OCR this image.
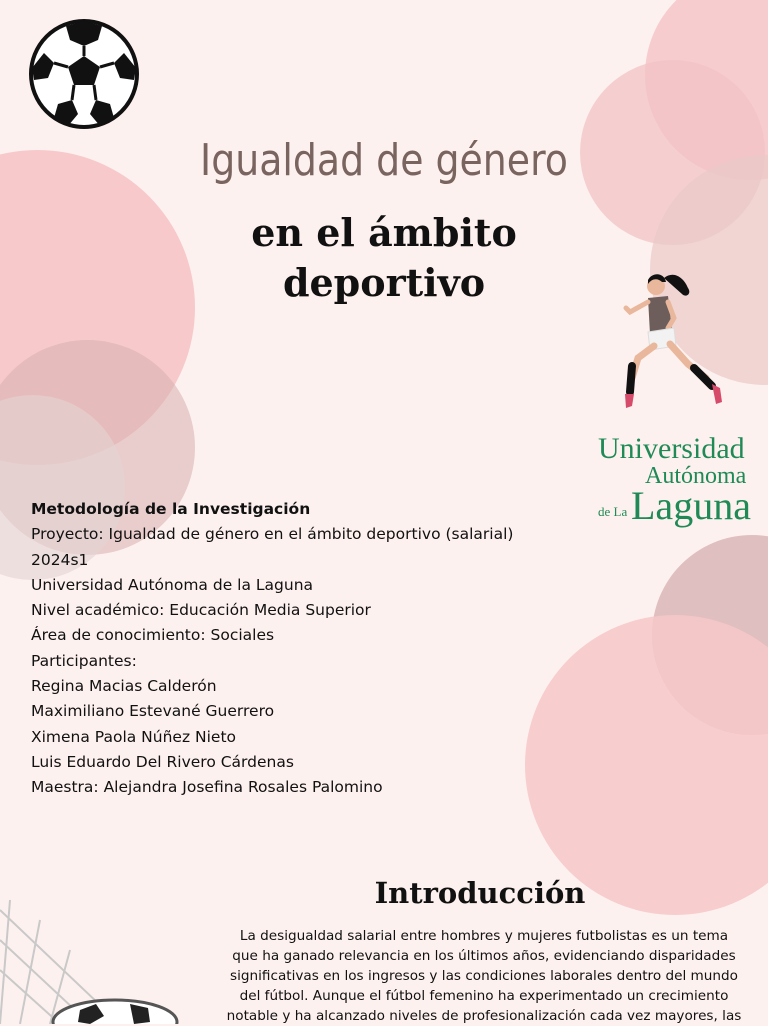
Igualdad de género
en el ámbito
deportivo
Universidad
Autónoma
de La Laguna
Metodología de la Investigación
Proyecto: Igualdad de género en el ámbito deportivo (salarial)
2024s1
Universidad Autónoma de la Laguna
Nivel académico: Educación Media Superior
Área de conocimiento: Sociales
Participantes:
Regina Macias Calderón
Maximiliano Estevané Guerrero
Ximena Paola Núñez Nieto
Luis Eduardo Del Rivero Cárdenas
Maestra: Alejandra Josefina Rosales Palomino
Introducción
La desigualdad salarial entre hombres y mujeres futbolistas es un tema
que ha ganado relevancia en los últimos años, evidenciando disparidades
significativas en los ingresos y las condiciones laborales dentro del mundo
del fútbol. Aunque el fútbol femenino ha experimentado un crecimiento
notable y ha alcanzado niveles de profesionalización cada vez mayores, las
